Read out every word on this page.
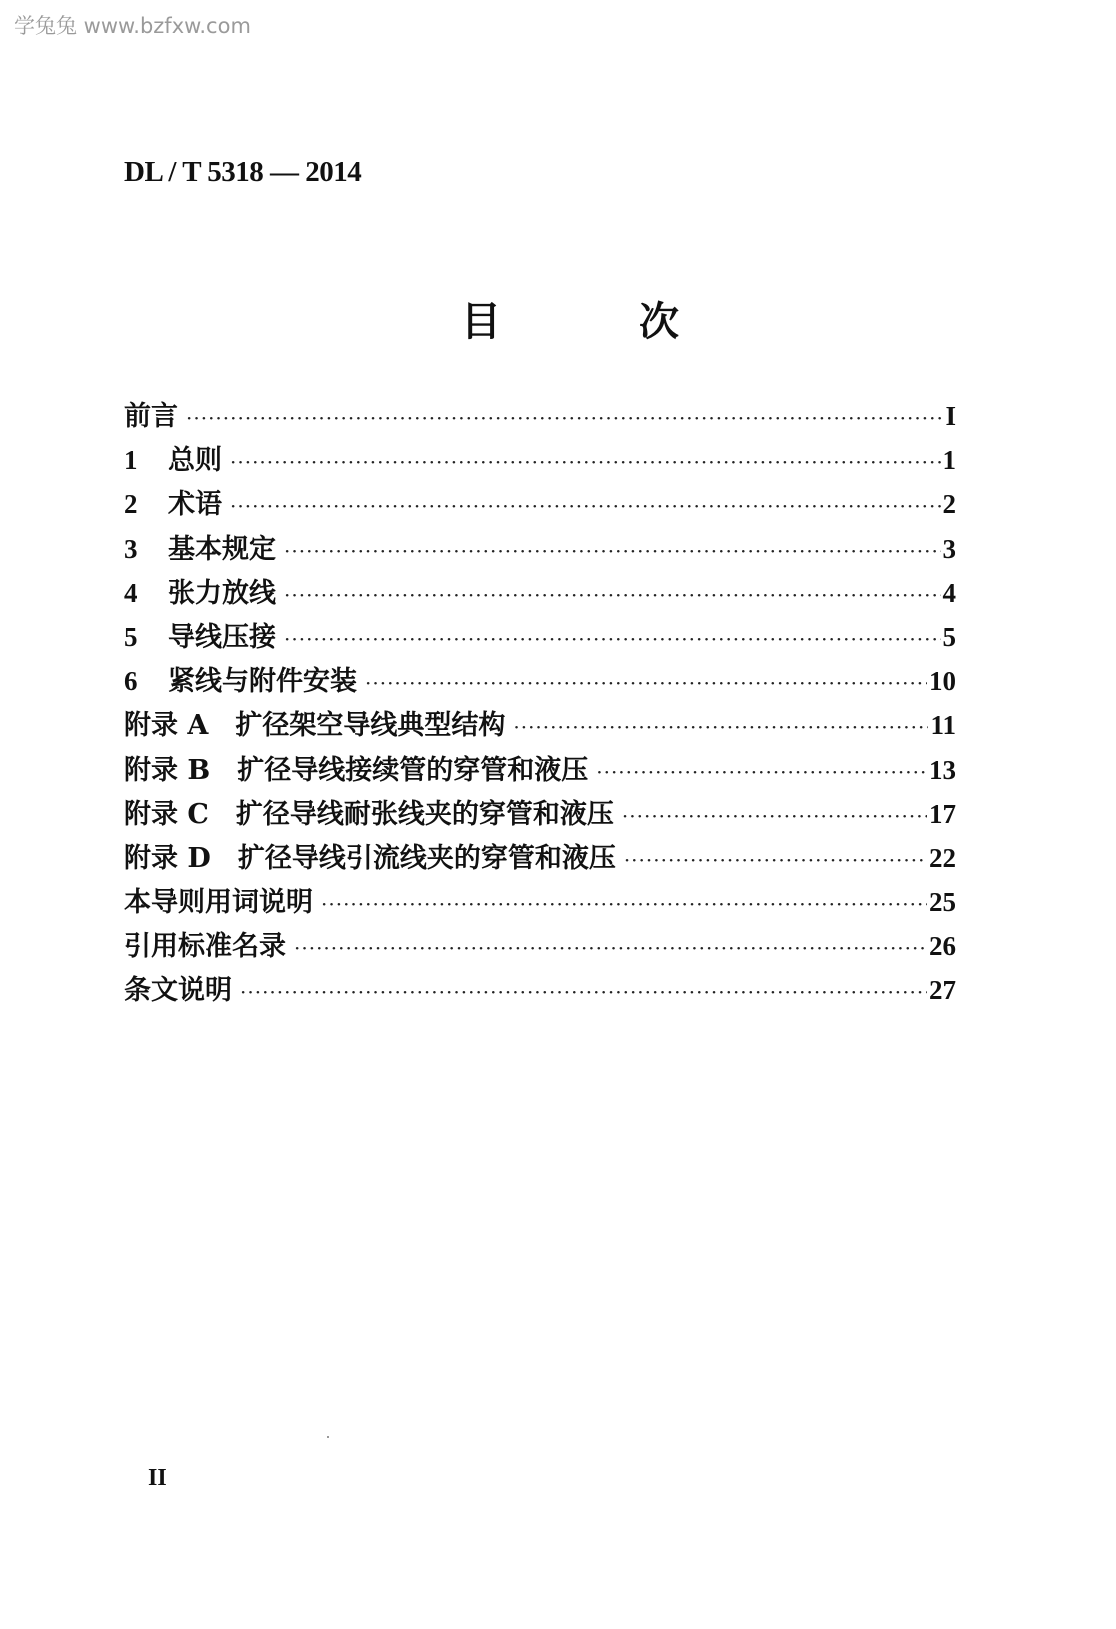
学兔兔 www.bzfxw.com
DL / T 5318 — 2014
目 次
前言 ·····	I
1	总则 ·····	1
2	术语 ·····	2
3	基本规定 ·····	3
4	张力放线 ·····	4
5	导线压接 ·····	5
6	紧线与附件安装 ·····	10
附录 A　扩径架空导线典型结构 ·····	11
附录 B　扩径导线接续管的穿管和液压 ·····	13
附录 C　扩径导线耐张线夹的穿管和液压 ·····	17
附录 D　扩径导线引流线夹的穿管和液压 ·····	22
本导则用词说明 ·····	25
引用标准名录 ·····	26
条文说明 ·····	27
II
